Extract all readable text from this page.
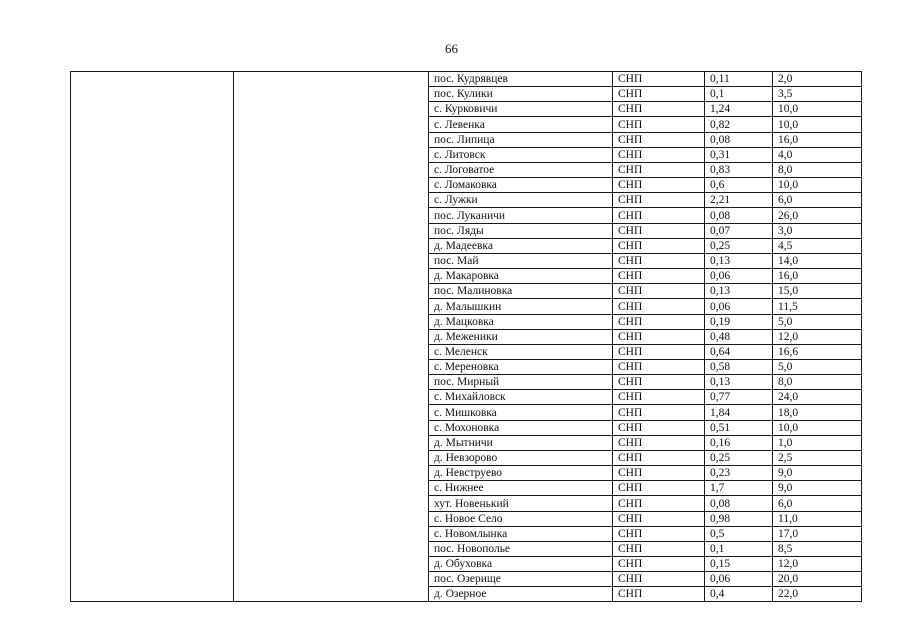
66
		пос. Кудрявцев	СНП	0,11	2,0
		пос. Кулики	СНП	0,1	3,5
		с. Курковичи	СНП	1,24	10,0
		с. Левенка	СНП	0,82	10,0
		пос. Липица	СНП	0,08	16,0
		с. Литовск	СНП	0,31	4,0
		с. Логоватое	СНП	0,83	8,0
		с. Ломаковка	СНП	0,6	10,0
		с. Лужки	СНП	2,21	6,0
		пос. Луканичи	СНП	0,08	26,0
		пос. Ляды	СНП	0,07	3,0
		д. Мадеевка	СНП	0,25	4,5
		пос. Май	СНП	0,13	14,0
		д. Макаровка	СНП	0,06	16,0
		пос. Малиновка	СНП	0,13	15,0
		д. Малышкин	СНП	0,06	11,5
		д. Мацковка	СНП	0,19	5,0
		д. Меженики	СНП	0,48	12,0
		с. Меленск	СНП	0,64	16,6
		с. Мереновка	СНП	0,58	5,0
		пос. Мирный	СНП	0,13	8,0
		с. Михайловск	СНП	0,77	24,0
		с. Мишковка	СНП	1,84	18,0
		с. Мохоновка	СНП	0,51	10,0
		д. Мытничи	СНП	0,16	1,0
		д. Невзорово	СНП	0,25	2,5
		д. Невструево	СНП	0,23	9,0
		с. Нижнее	СНП	1,7	9,0
		хут. Новенький	СНП	0,08	6,0
		с. Новое Село	СНП	0,98	11,0
		с. Новомлынка	СНП	0,5	17,0
		пос. Новополье	СНП	0,1	8,5
		д. Обуховка	СНП	0,15	12,0
		пос. Озерище	СНП	0,06	20,0
		д. Озерное	СНП	0,4	22,0
